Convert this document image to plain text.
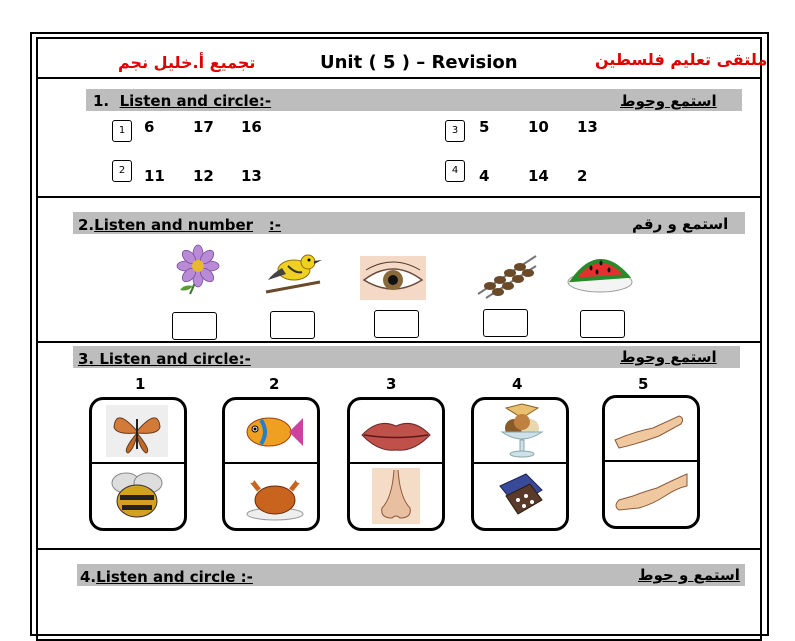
تجميع أ.خليل نجم	Unit ( 5 ) – Revision	ملتقى تعليم فلسطين
1. Listen and circle:-	استمع وحوط
1	6	17 16
2	11 12 13
3	5	10 13
4	4	14 2
2.Listen and number :-	استمع و رقم
3. Listen and circle:-	استمع وحوط
1	2	3	4	5
4.Listen and circle :-	استمع و حوط
